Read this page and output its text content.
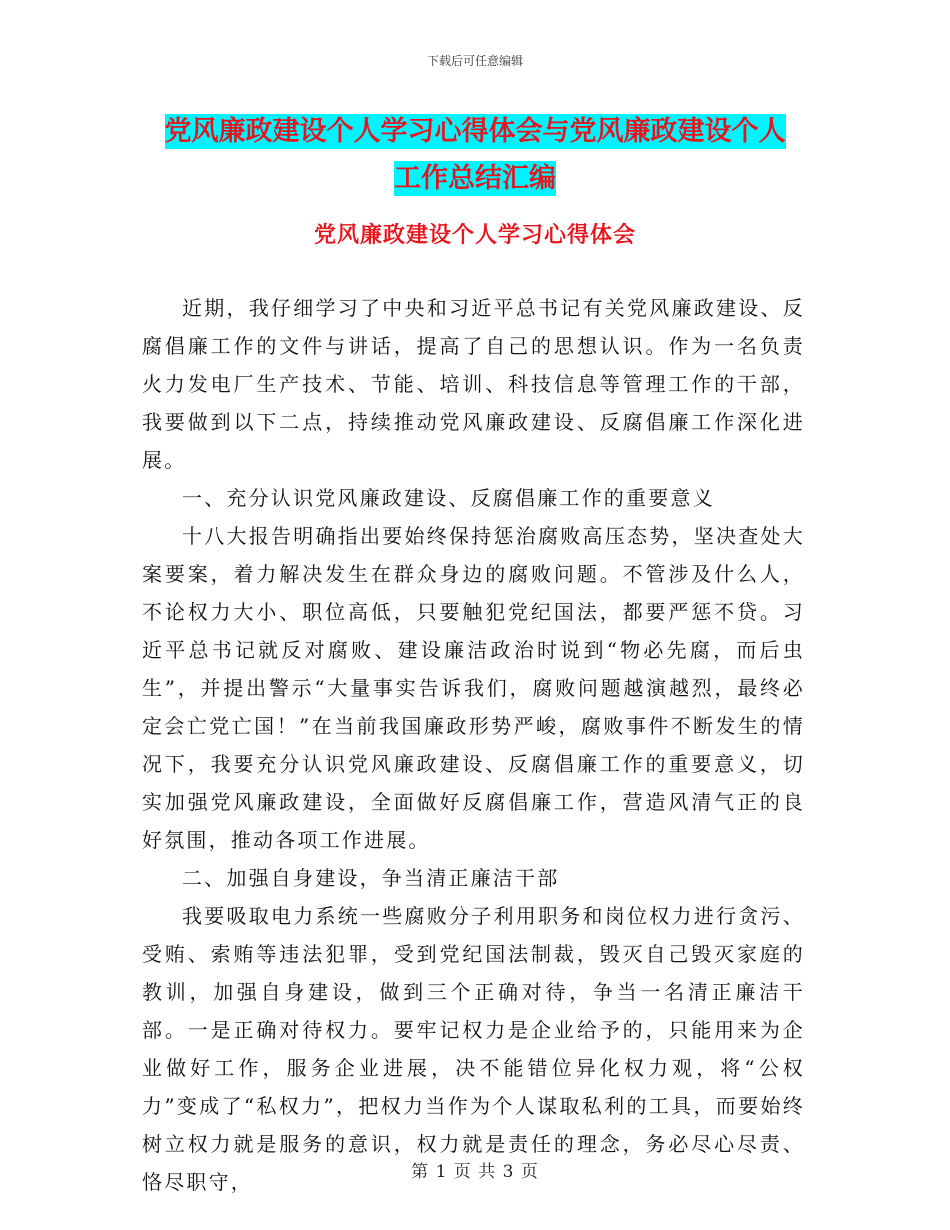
下载后可任意编辑
党风廉政建设个人学习心得体会与党风廉政建设个人
工作总结汇编
党风廉政建设个人学习心得体会

近期，我仔细学习了中央和习近平总书记有关党风廉政建设、反腐倡廉工作的文件与讲话，提高了自己的思想认识。作为一名负责火力发电厂生产技术、节能、培训、科技信息等管理工作的干部，我要做到以下二点，持续推动党风廉政建设、反腐倡廉工作深化进展。

一、充分认识党风廉政建设、反腐倡廉工作的重要意义

十八大报告明确指出要始终保持惩治腐败高压态势，坚决查处大案要案，着力解决发生在群众身边的腐败问题。不管涉及什么人，不论权力大小、职位高低，只要触犯党纪国法，都要严惩不贷。习近平总书记就反对腐败、建设廉洁政治时说到“物必先腐，而后虫生”，并提出警示“大量事实告诉我们，腐败问题越演越烈，最终必定会亡党亡国！”在当前我国廉政形势严峻，腐败事件不断发生的情况下，我要充分认识党风廉政建设、反腐倡廉工作的重要意义，切实加强党风廉政建设，全面做好反腐倡廉工作，营造风清气正的良好氛围，推动各项工作进展。

二、加强自身建设，争当清正廉洁干部

我要吸取电力系统一些腐败分子利用职务和岗位权力进行贪污、受贿、索贿等违法犯罪，受到党纪国法制裁，毁灭自己毁灭家庭的教训，加强自身建设，做到三个正确对待，争当一名清正廉洁干部。一是正确对待权力。要牢记权力是企业给予的，只能用来为企业做好工作，服务企业进展，决不能错位异化权力观，将“公权力”变成了“私权力”，把权力当作为个人谋取私利的工具，而要始终树立权力就是服务的意识，权力就是责任的理念，务必尽心尽责、恪尽职守，	第 1 页 共 3 页
